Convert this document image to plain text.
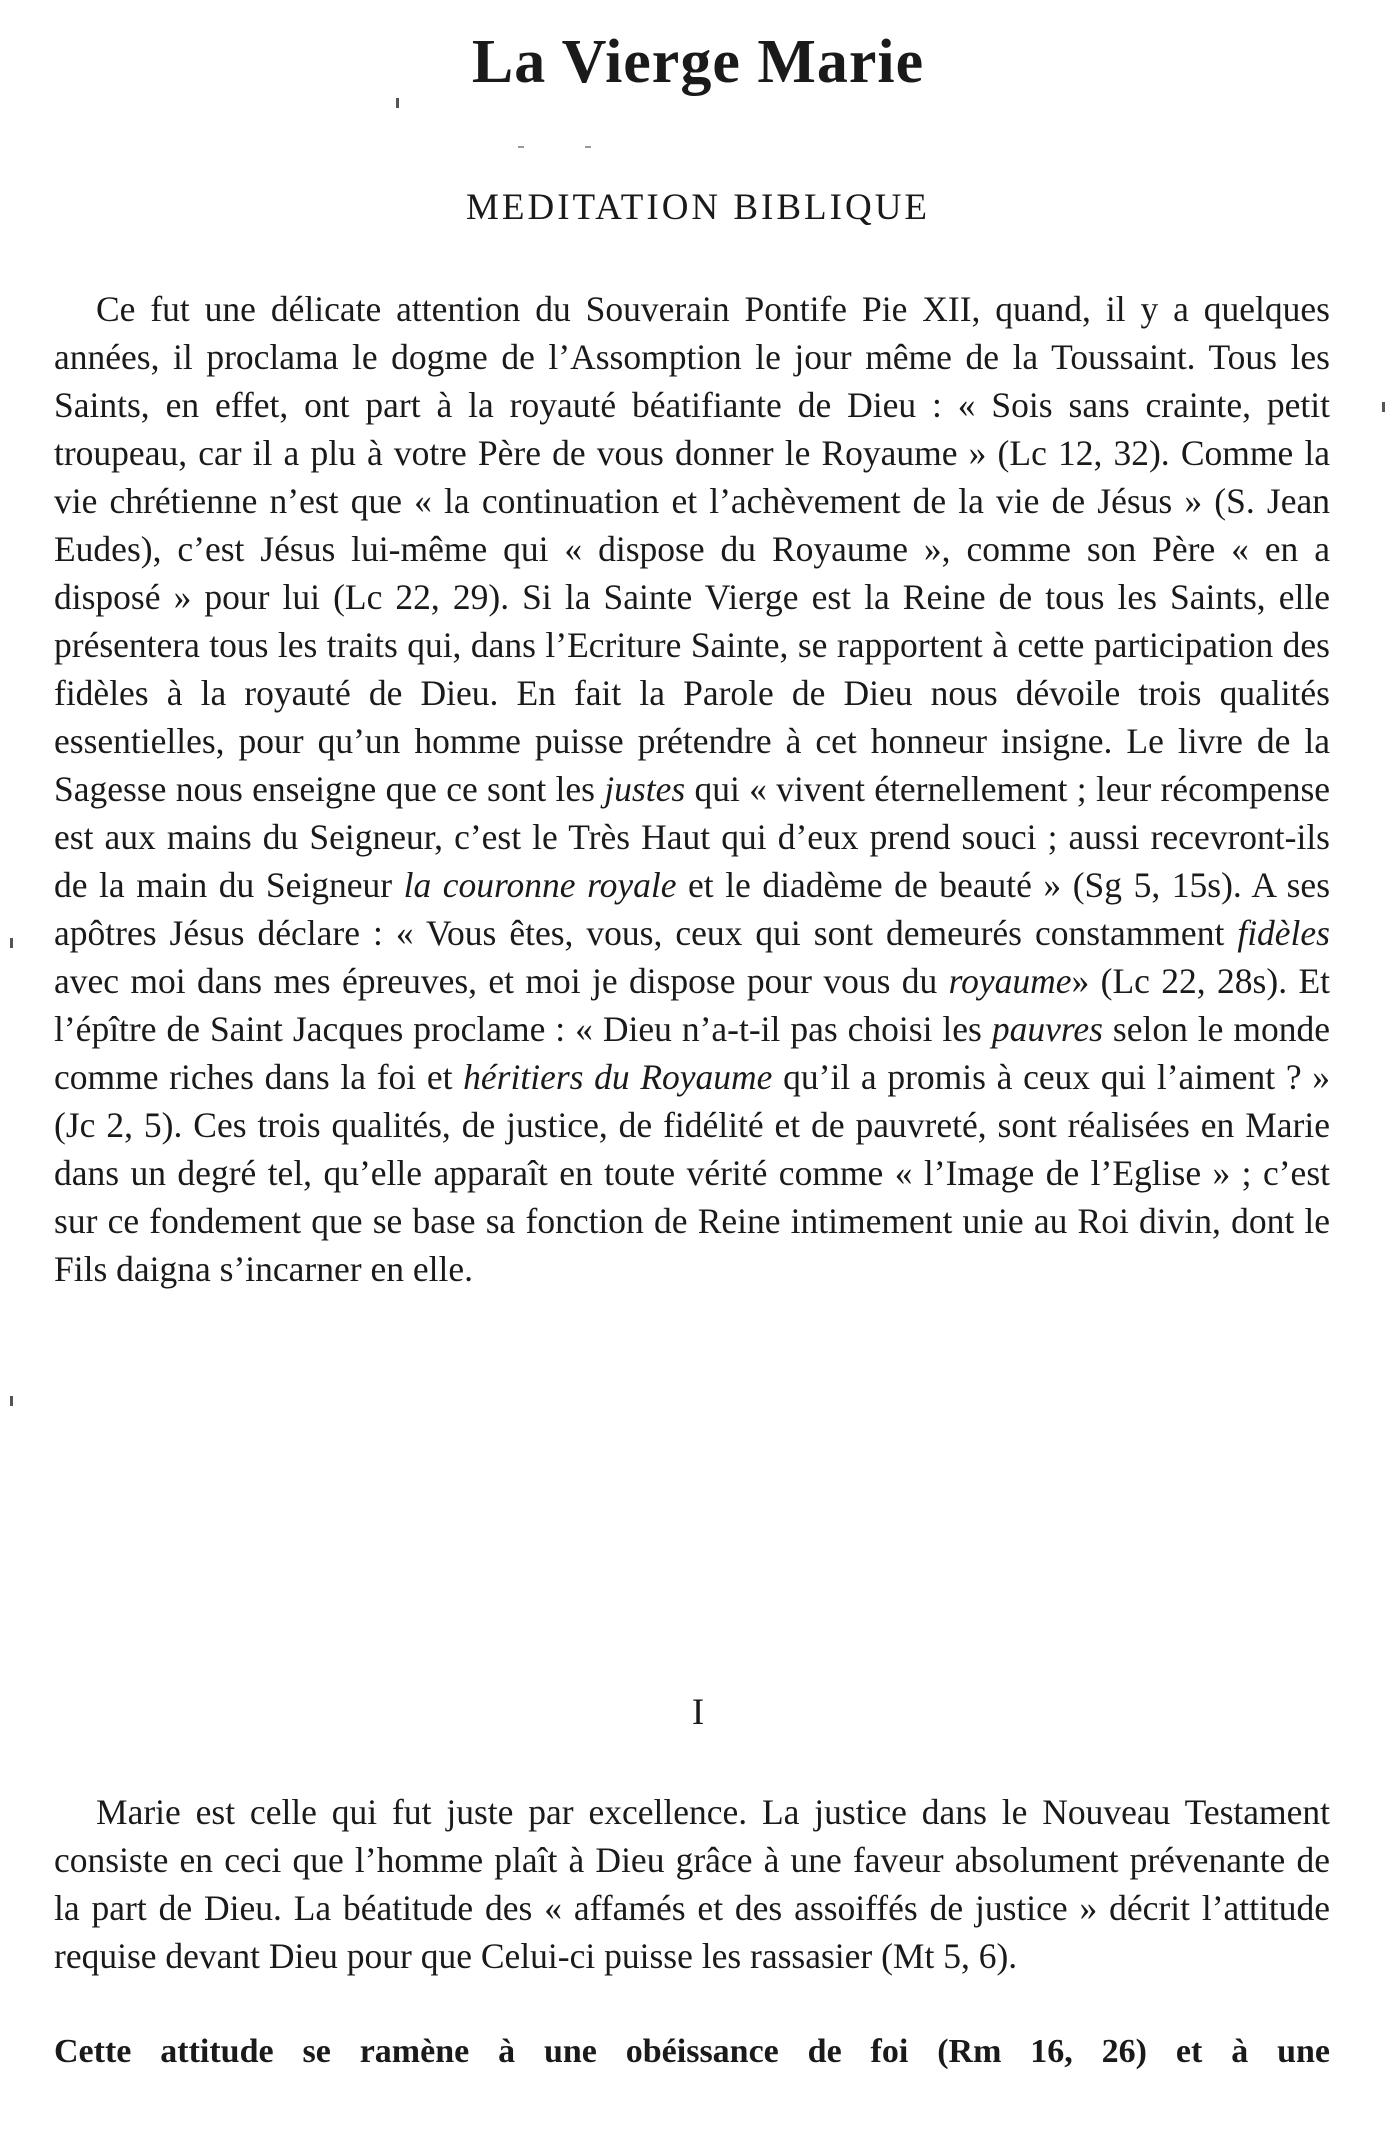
La Vierge Marie
MEDITATION BIBLIQUE

Ce fut une délicate attention du Souverain Pontife Pie XII, quand, il y a quelques années, il proclama le dogme de l’Assomption le jour même de la Toussaint. Tous les Saints, en effet, ont part à la royauté béatifiante de Dieu : « Sois sans crainte, petit troupeau, car il a plu à votre Père de vous donner le Royaume » (Lc 12, 32). Comme la vie chrétienne n’est que « la continuation et l’achèvement de la vie de Jésus » (S. Jean Eudes), c’est Jésus lui-même qui « dispose du Royaume », comme son Père « en a disposé » pour lui (Lc 22, 29). Si la Sainte Vierge est la Reine de tous les Saints, elle présentera tous les traits qui, dans l’Ecriture Sainte, se rapportent à cette participation des fidèles à la royauté de Dieu. En fait la Parole de Dieu nous dévoile trois qualités essentielles, pour qu’un homme puisse prétendre à cet honneur insigne. Le livre de la Sagesse nous enseigne que ce sont les justes qui « vivent éternellement ; leur récompense est aux mains du Seigneur, c’est le Très Haut qui d’eux prend souci ; aussi recevront-ils de la main du Seigneur la couronne royale et le diadème de beauté » (Sg 5, 15s). A ses apôtres Jésus déclare : « Vous êtes, vous, ceux qui sont demeurés constamment fidèles avec moi dans mes épreuves, et moi je dispose pour vous du royaume» (Lc 22, 28s). Et l’épître de Saint Jacques proclame : « Dieu n’a-t-il pas choisi les pauvres selon le monde comme riches dans la foi et héritiers du Royaume qu’il a promis à ceux qui l’aiment ? » (Jc 2, 5). Ces trois qualités, de justice, de fidélité et de pauvreté, sont réalisées en Marie dans un degré tel, qu’elle apparaît en toute vérité comme « l’Image de l’Eglise » ; c’est sur ce fondement que se base sa fonction de Reine intimement unie au Roi divin, dont le Fils daigna s’incarner en elle.

I

Marie est celle qui fut juste par excellence. La justice dans le Nouveau Testament consiste en ceci que l’homme plaît à Dieu grâce à une faveur absolument prévenante de la part de Dieu. La béatitude des « affamés et des assoiffés de justice » décrit l’attitude requise devant Dieu pour que Celui-ci puisse les rassasier (Mt 5, 6).

Cette attitude se ramène à une obéissance de foi (Rm 16, 26) et à une
